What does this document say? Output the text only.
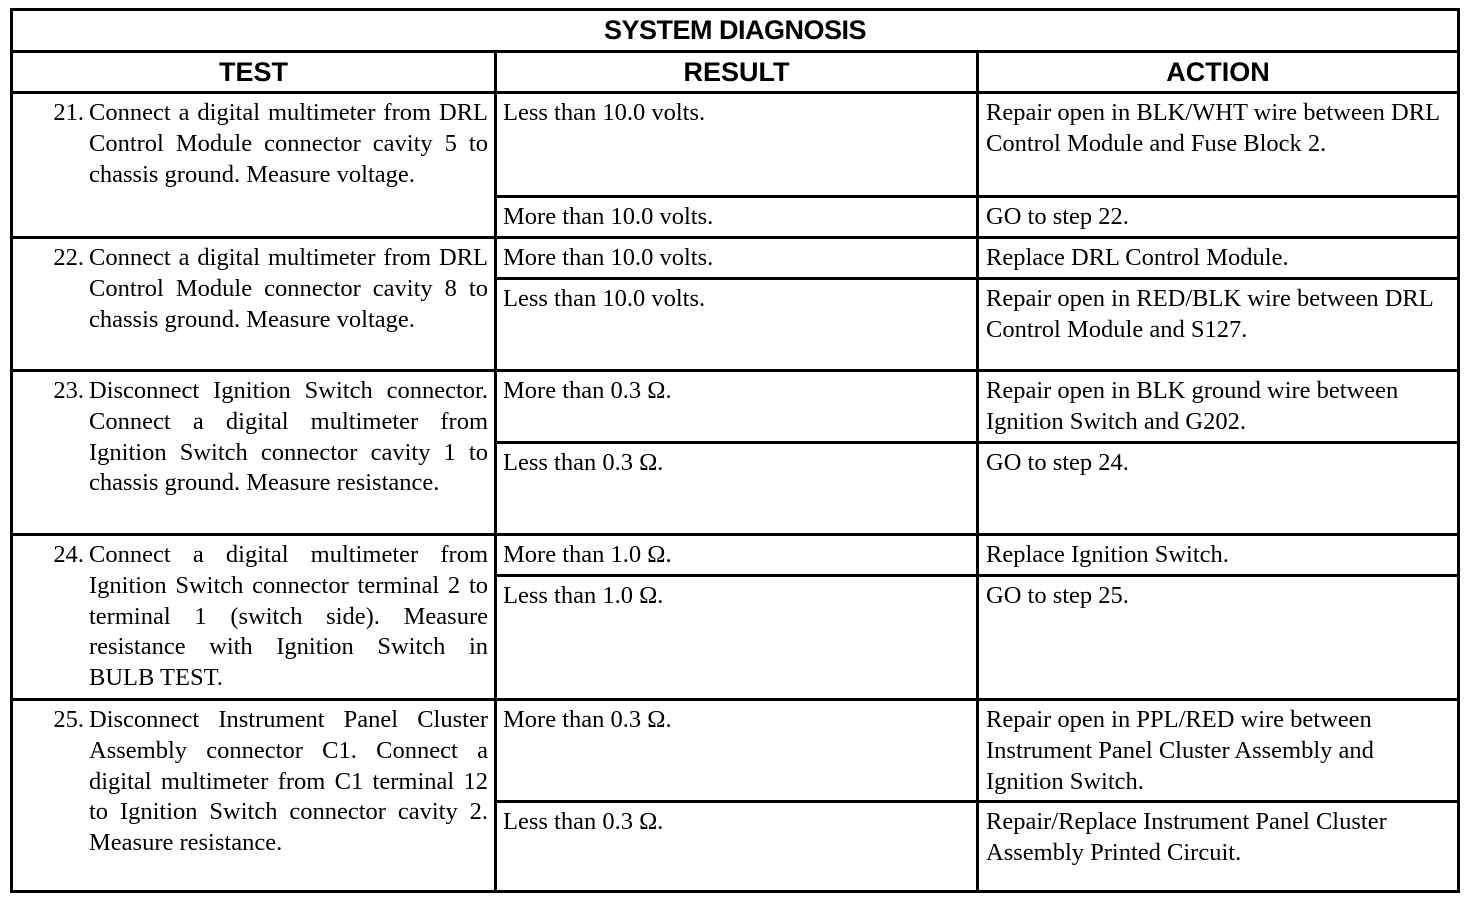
SYSTEM DIAGNOSIS		
TEST	RESULT	ACTION

21. Connect a digital multimeter from DRL Control Module connector cavity 5 to chassis ground. Measure voltage.	Less than 10.0 volts.	Repair open in BLK/WHT wire between DRL Control Module and Fuse Block 2.
	More than 10.0 volts.	GO to step 22.

22. Connect a digital multimeter from DRL Control Module connector cavity 8 to chassis ground. Measure voltage.	More than 10.0 volts.	Replace DRL Control Module.
	Less than 10.0 volts.	Repair open in RED/BLK wire between DRL Control Module and S127.

23. Disconnect Ignition Switch connector. Connect a digital multimeter from Ignition Switch connector cavity 1 to chassis ground. Measure resistance.	More than 0.3 Ω.	Repair open in BLK ground wire between Ignition Switch and G202.
	Less than 0.3 Ω.	GO to step 24.

24. Connect a digital multimeter from Ignition Switch connector terminal 2 to terminal 1 (switch side). Measure resistance with Ignition Switch in BULB TEST.	More than 1.0 Ω.	Replace Ignition Switch.
	Less than 1.0 Ω.	GO to step 25.

25. Disconnect Instrument Panel Cluster Assembly connector C1. Connect a digital multimeter from C1 terminal 12 to Ignition Switch connector cavity 2. Measure resistance.	More than 0.3 Ω.	Repair open in PPL/RED wire between Instrument Panel Cluster Assembly and Ignition Switch.
	Less than 0.3 Ω.	Repair/Replace Instrument Panel Cluster Assembly Printed Circuit.
